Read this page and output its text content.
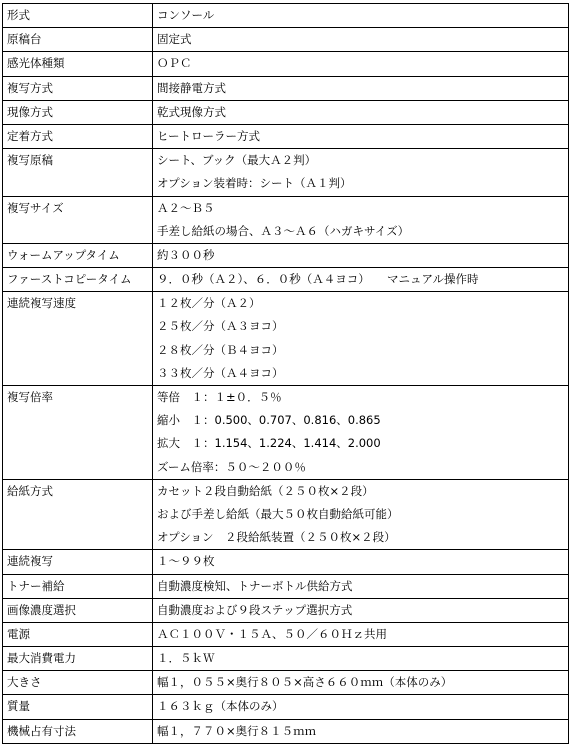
形式	コンソール

原稿台	固定式

感光体種類	ＯＰＣ

複写方式	間接静電方式

現像方式	乾式現像方式

定着方式	ヒートローラー方式

複写原稿	シート、ブック（最大Ａ２判）
オプション装着時：シート（Ａ１判）

複写サイズ	Ａ２～Ｂ５
手差し給紙の場合、Ａ３～Ａ６（ハガキサイズ）

ウォームアップタイム	約３００秒

ファーストコピータイム	９．０秒（Ａ２）、６．０秒（Ａ４ヨコ）　　マニュアル操作時

連続複写速度	１２枚／分（Ａ２）
２５枚／分（Ａ３ヨコ）
２８枚／分（Ｂ４ヨコ）
３３枚／分（Ａ４ヨコ）

複写倍率	等倍　１：１±０．５％
縮小　１：0.500、0.707、0.816、0.865
拡大　１：1.154、1.224、1.414、2.000
ズーム倍率：５０～２００％

給紙方式	カセット２段自動給紙（２５０枚×２段）
および手差し給紙（最大５０枚自動給紙可能）
オプション　２段給紙装置（２５０枚×２段）

連続複写	１～９９枚

トナー補給	自動濃度検知、トナーボトル供給方式

画像濃度選択	自動濃度および９段ステップ選択方式

電源	ＡＣ１００Ｖ・１５Ａ、５０／６０Ｈｚ共用

最大消費電力	１．５ｋＷ

大きさ	幅１，０５５×奥行８０５×高さ６６０ｍｍ（本体のみ）

質量	１６３ｋｇ（本体のみ）

機械占有寸法	幅１，７７０×奥行８１５ｍｍ
